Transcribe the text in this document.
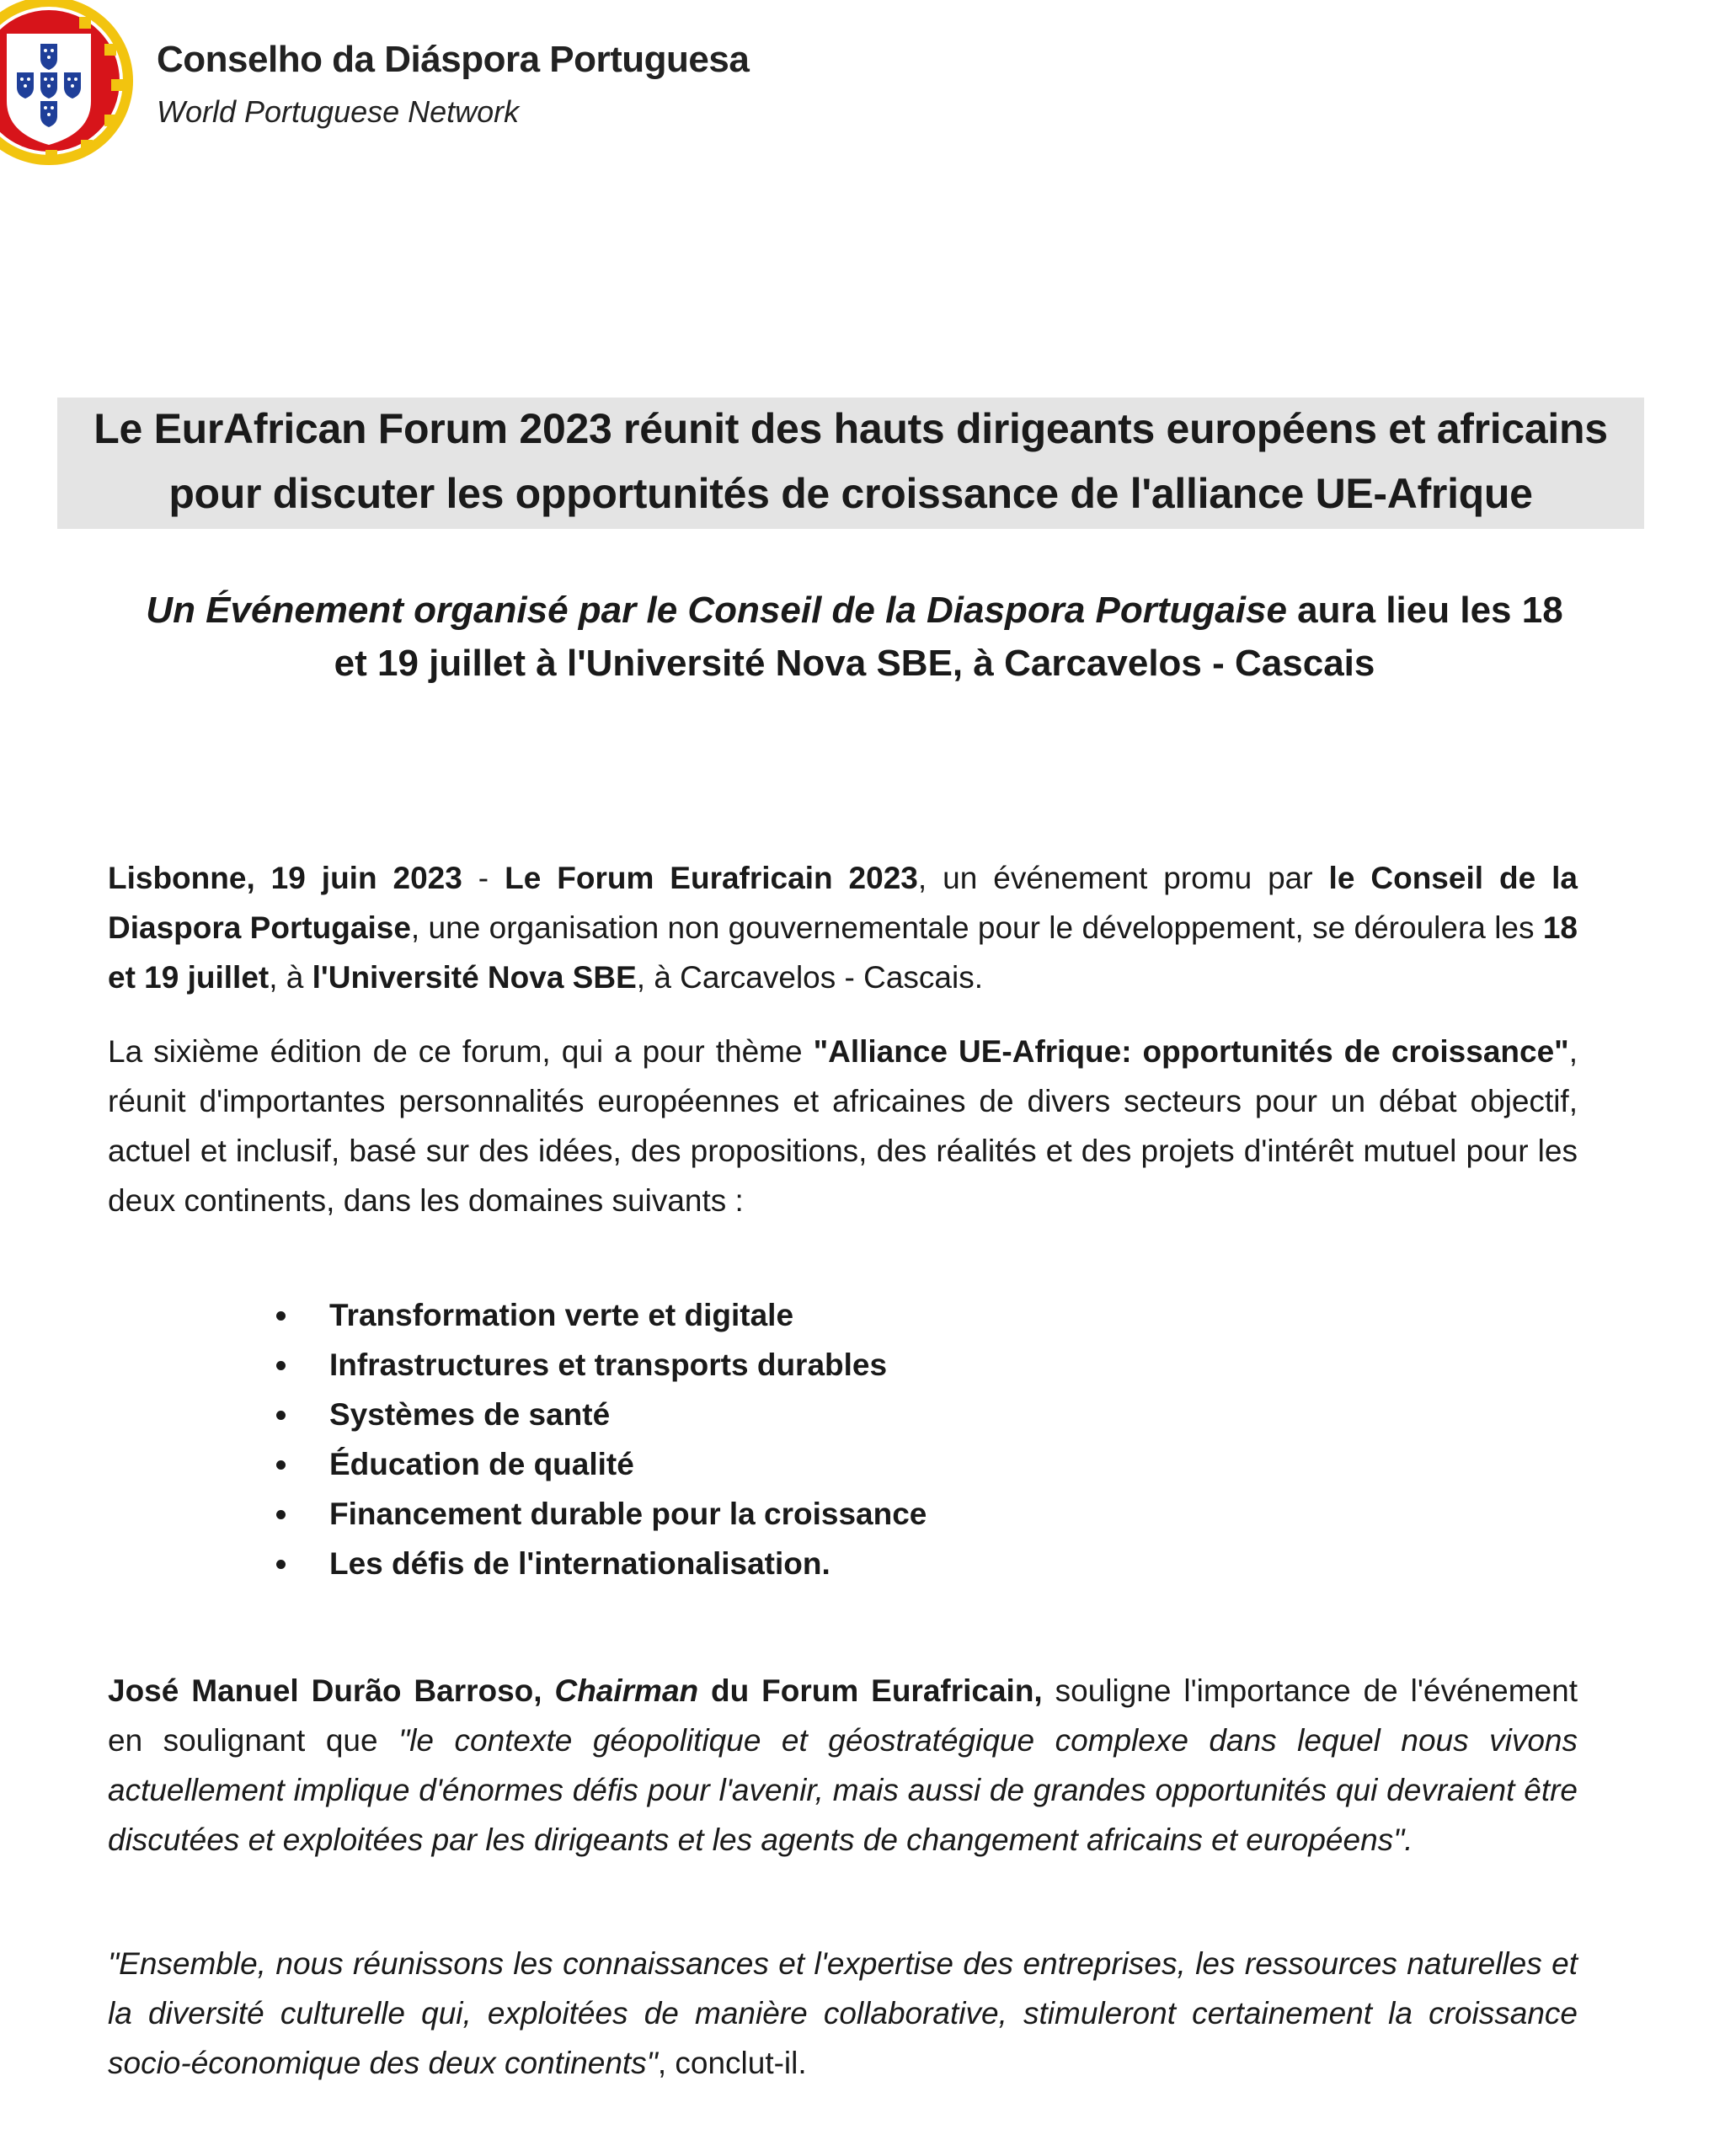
Conselho da Diáspora Portuguesa
World Portuguese Network
Le EurAfrican Forum 2023 réunit des hauts dirigeants européens et africains
pour discuter les opportunités de croissance de l'alliance UE-Afrique
Un Événement organisé par le Conseil de la Diaspora Portugaise aura lieu les 18
et 19 juillet à l'Université Nova SBE, à Carcavelos - Cascais
Lisbonne, 19 juin 2023 - Le Forum Eurafricain 2023, un événement promu par le Conseil de la Diaspora Portugaise, une organisation non gouvernementale pour le développement, se déroulera les 18 et 19 juillet, à l'Université Nova SBE, à Carcavelos - Cascais.
La sixième édition de ce forum, qui a pour thème "Alliance UE-Afrique: opportunités de croissance", réunit d'importantes personnalités européennes et africaines de divers secteurs pour un débat objectif, actuel et inclusif, basé sur des idées, des propositions, des réalités et des projets d'intérêt mutuel pour les deux continents, dans les domaines suivants :
Transformation verte et digitale
Infrastructures et transports durables
Systèmes de santé
Éducation de qualité
Financement durable pour la croissance
Les défis de l'internationalisation.
José Manuel Durão Barroso, Chairman du Forum Eurafricain, souligne l'importance de l'événement en soulignant que "le contexte géopolitique et géostratégique complexe dans lequel nous vivons actuellement implique d'énormes défis pour l'avenir, mais aussi de grandes opportunités qui devraient être discutées et exploitées par les dirigeants et les agents de changement africains et européens".
"Ensemble, nous réunissons les connaissances et l'expertise des entreprises, les ressources naturelles et la diversité culturelle qui, exploitées de manière collaborative, stimuleront certainement la croissance socio-économique des deux continents", conclut-il.
